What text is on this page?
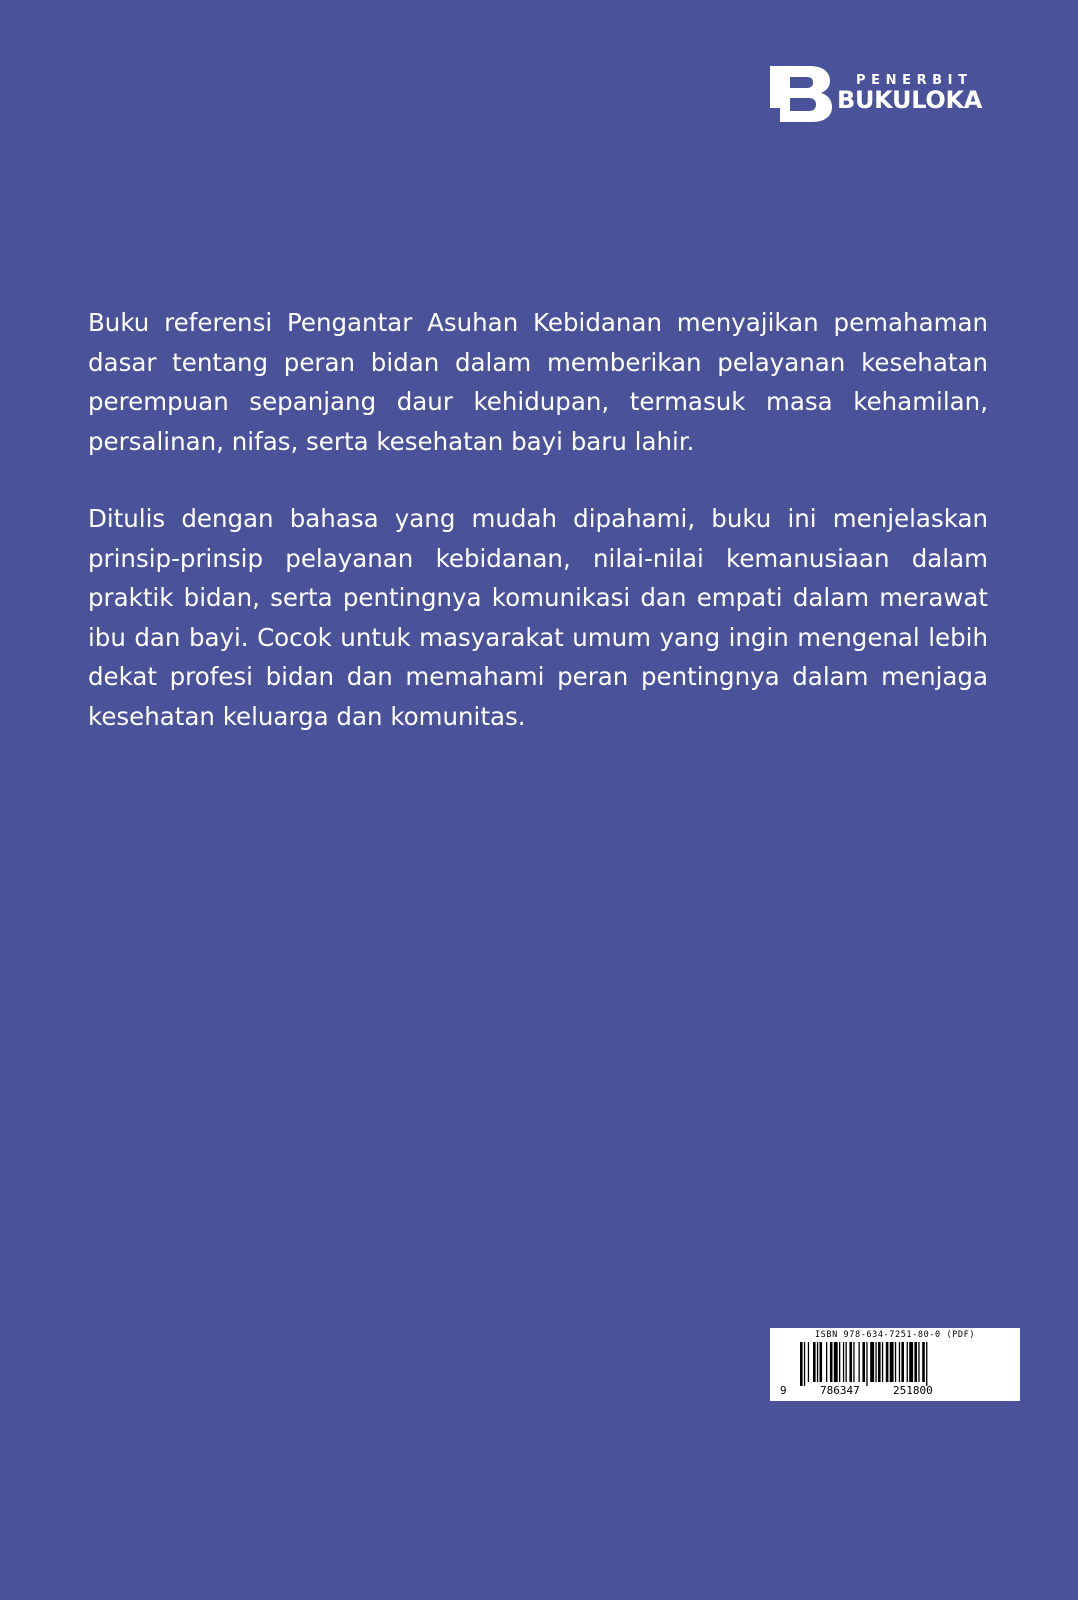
PENERBIT
BUKULOKA

Buku referensi Pengantar Asuhan Kebidanan menyajikan pemahaman dasar tentang peran bidan dalam memberikan pelayanan kesehatan perempuan sepanjang daur kehidupan, termasuk masa kehamilan, persalinan, nifas, serta kesehatan bayi baru lahir.

Ditulis dengan bahasa yang mudah dipahami, buku ini menjelaskan prinsip-prinsip pelayanan kebidanan, nilai-nilai kemanusiaan dalam praktik bidan, serta pentingnya komunikasi dan empati dalam merawat ibu dan bayi. Cocok untuk masyarakat umum yang ingin mengenal lebih dekat profesi bidan dan memahami peran pentingnya dalam menjaga kesehatan keluarga dan komunitas.

ISBN 978-634-7251-80-0 (PDF)
9	786347	251800
